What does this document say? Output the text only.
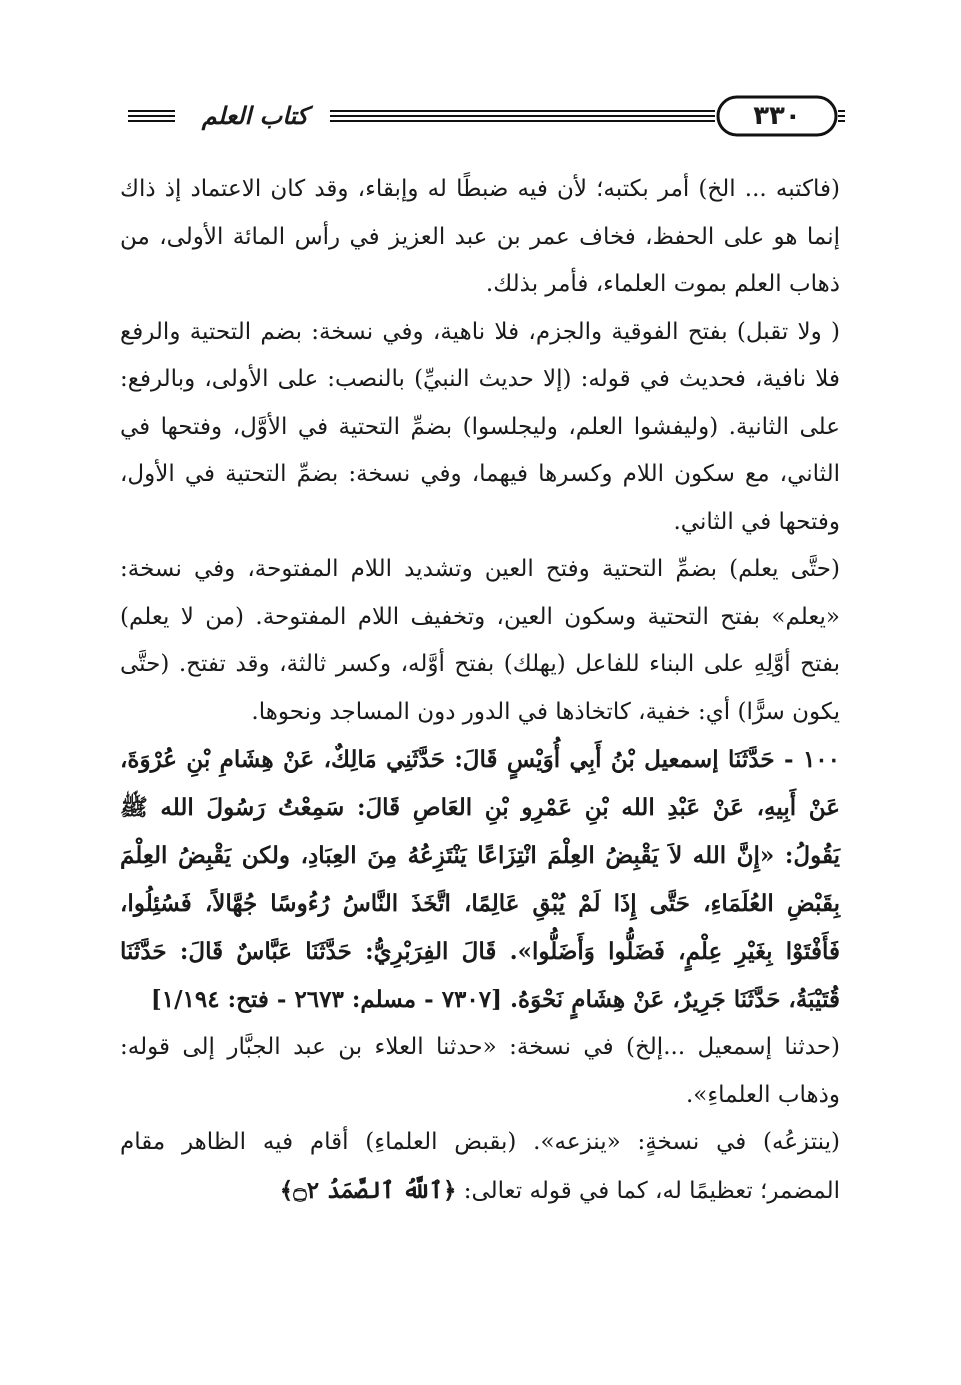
٣٣٠
كتاب العلم

(فاكتبه ... الخ) أمر بكتبه؛ لأن فيه ضبطًا له وإبقاء، وقد كان الاعتماد إذ ذاك إنما هو على الحفظ، فخاف عمر بن عبد العزيز في رأس المائة الأولى، من ذهاب العلم بموت العلماء، فأمر بذلك.

( ولا تقبل) بفتح الفوقية والجزم، فلا ناهية، وفي نسخة: بضم التحتية والرفع فلا نافية، فحديث في قوله: (إلا حديث النبيِّ) بالنصب: على الأولى، وبالرفع: على الثانية. (وليفشوا العلم، وليجلسوا) بضمِّ التحتية في الأوَّل، وفتحها في الثاني، مع سكون اللام وكسرها فيهما، وفي نسخة: بضمِّ التحتية في الأول، وفتحها في الثاني.

(حتَّى يعلم) بضمِّ التحتية وفتح العين وتشديد اللام المفتوحة، وفي نسخة: «يعلم» بفتح التحتية وسكون العين، وتخفيف اللام المفتوحة. (من لا يعلم) بفتح أوَّلِهِ على البناء للفاعل (يهلك) بفتح أوَّله، وكسر ثالثة، وقد تفتح. (حتَّى يكون سرًّا) أي: خفية، كاتخاذها في الدور دون المساجد ونحوها.

١٠٠ - حَدَّثَنَا إسمعيل بْنُ أَبِي أُوَيْسٍ قَالَ: حَدَّثَنِي مَالِكٌ، عَنْ هِشَامِ بْنِ عُرْوَةَ، عَنْ أَبِيهِ، عَنْ عَبْدِ الله بْنِ عَمْرِو بْنِ العَاصِ قَالَ: سَمِعْتُ رَسُولَ الله ﷺ يَقُولُ: «إِنَّ الله لاَ يَقْبِضُ العِلْمَ انْتِزَاعًا يَنْتَزِعُهُ مِنَ العِبَادِ، ولكن يَقْبِضُ العِلْمَ بِقَبْضِ العُلَمَاءِ، حَتَّى إِذَا لَمْ يُبْقِ عَالِمًا، اتَّخَذَ النَّاسُ رُءُوسًا جُهَّالاً، فَسُئِلُوا، فَأَفْتَوْا بِغَيْرِ عِلْمٍ، فَضَلُّوا وَأَضَلُّوا». قَالَ الفِرَبْرِيُّ: حَدَّثَنَا عَبَّاسٌ قَالَ: حَدَّثَنَا قُتَيْبَةُ، حَدَّثَنَا جَرِيرٌ، عَنْ هِشَامٍ نَحْوَهُ. [٧٣٠٧ - مسلم: ٢٦٧٣ - فتح: ١/١٩٤]

(حدثنا إسمعيل ...إلخ) في نسخة: «حدثنا العلاء بن عبد الجبَّار إلى قوله: وذهاب العلماءِ».

(ينتزعُه) في نسخةٍ: «ينزعه». (بقبض العلماءِ) أقام فيه الظاهر مقام المضمر؛ تعظيمًا له، كما في قوله تعالى: ﴿ٱللَّهُ ٱلصَّمَدُ ۝٢﴾
